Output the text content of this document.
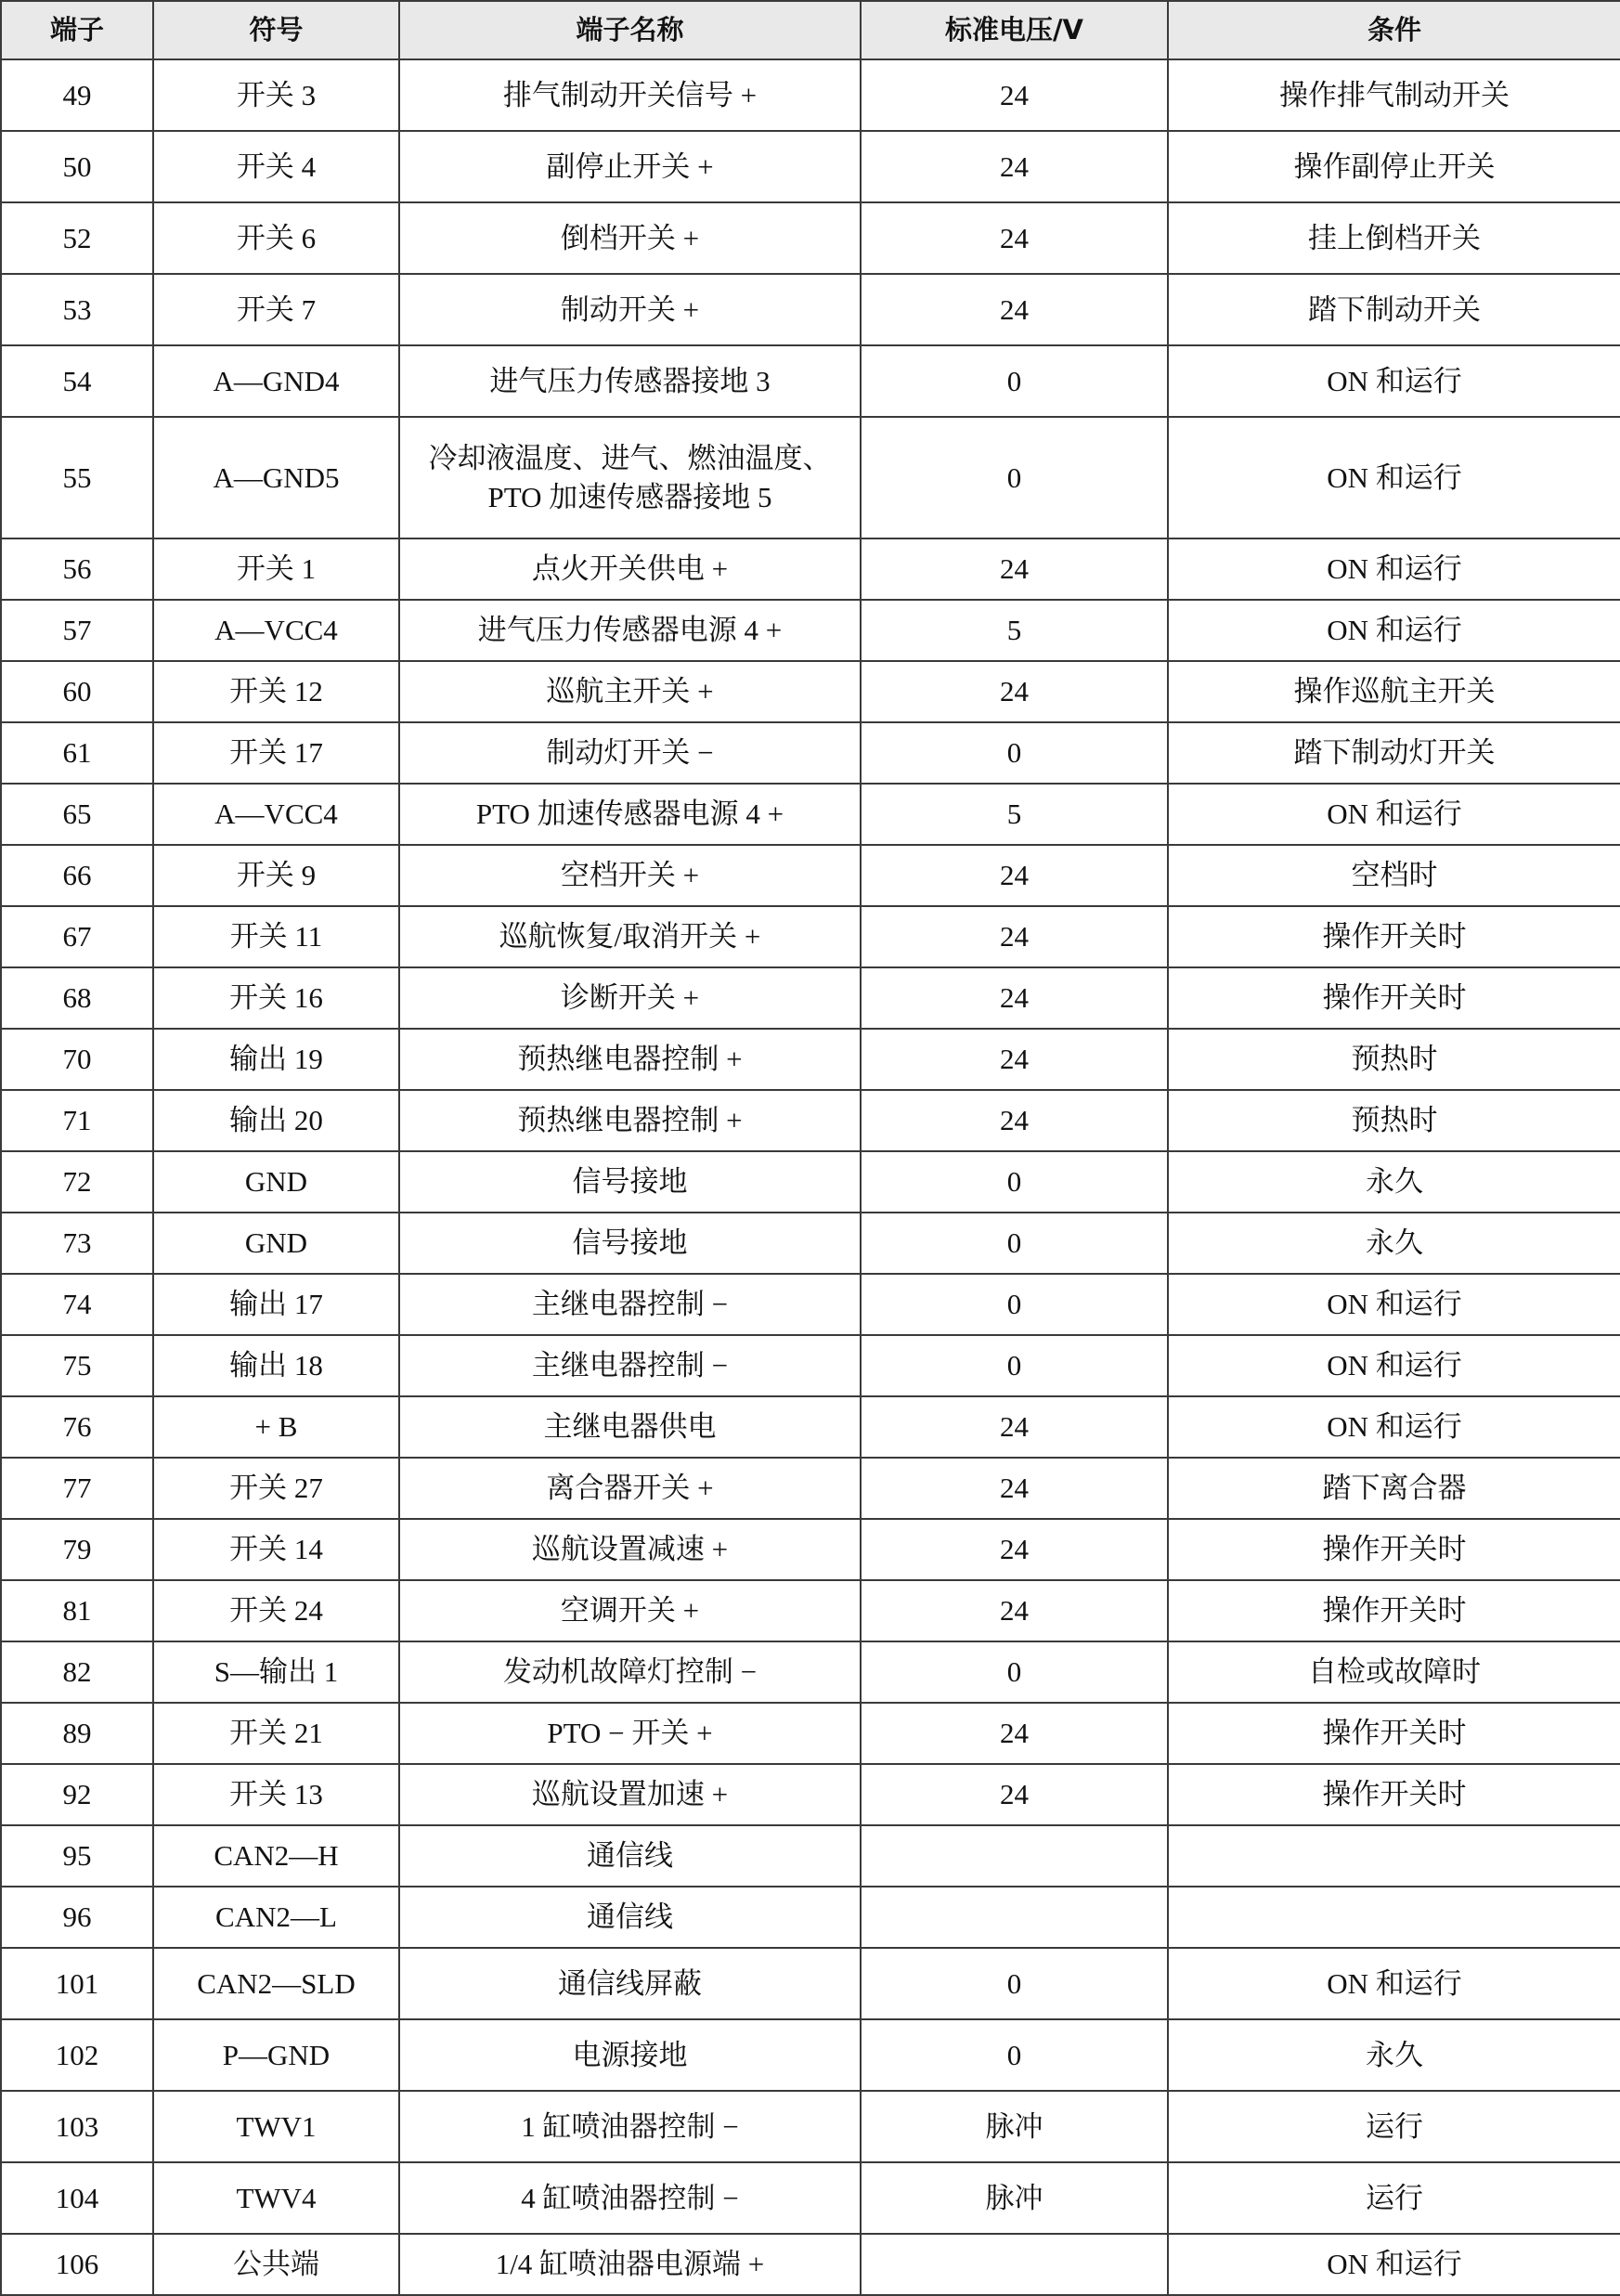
端子	符号	端子名称	标准电压/V	条件
49	开关 3	排气制动开关信号 +	24	操作排气制动开关
50	开关 4	副停止开关 +	24	操作副停止开关
52	开关 6	倒档开关 +	24	挂上倒档开关
53	开关 7	制动开关 +	24	踏下制动开关
54	A—GND4	进气压力传感器接地 3	0	ON 和运行
55	A—GND5	冷却液温度、进气、燃油温度、PTO 加速传感器接地 5	0	ON 和运行
56	开关 1	点火开关供电 +	24	ON 和运行
57	A—VCC4	进气压力传感器电源 4 +	5	ON 和运行
60	开关 12	巡航主开关 +	24	操作巡航主开关
61	开关 17	制动灯开关 −	0	踏下制动灯开关
65	A—VCC4	PTO 加速传感器电源 4 +	5	ON 和运行
66	开关 9	空档开关 +	24	空档时
67	开关 11	巡航恢复/取消开关 +	24	操作开关时
68	开关 16	诊断开关 +	24	操作开关时
70	输出 19	预热继电器控制 +	24	预热时
71	输出 20	预热继电器控制 +	24	预热时
72	GND	信号接地	0	永久
73	GND	信号接地	0	永久
74	输出 17	主继电器控制 −	0	ON 和运行
75	输出 18	主继电器控制 −	0	ON 和运行
76	+ B	主继电器供电	24	ON 和运行
77	开关 27	离合器开关 +	24	踏下离合器
79	开关 14	巡航设置减速 +	24	操作开关时
81	开关 24	空调开关 +	24	操作开关时
82	S—输出 1	发动机故障灯控制 −	0	自检或故障时
89	开关 21	PTO − 开关 +	24	操作开关时
92	开关 13	巡航设置加速 +	24	操作开关时
95	CAN2—H	通信线		
96	CAN2—L	通信线		
101	CAN2—SLD	通信线屏蔽	0	ON 和运行
102	P—GND	电源接地	0	永久
103	TWV1	1 缸喷油器控制 −	脉冲	运行
104	TWV4	4 缸喷油器控制 −	脉冲	运行
106	公共端	1/4 缸喷油器电源端 +		ON 和运行
